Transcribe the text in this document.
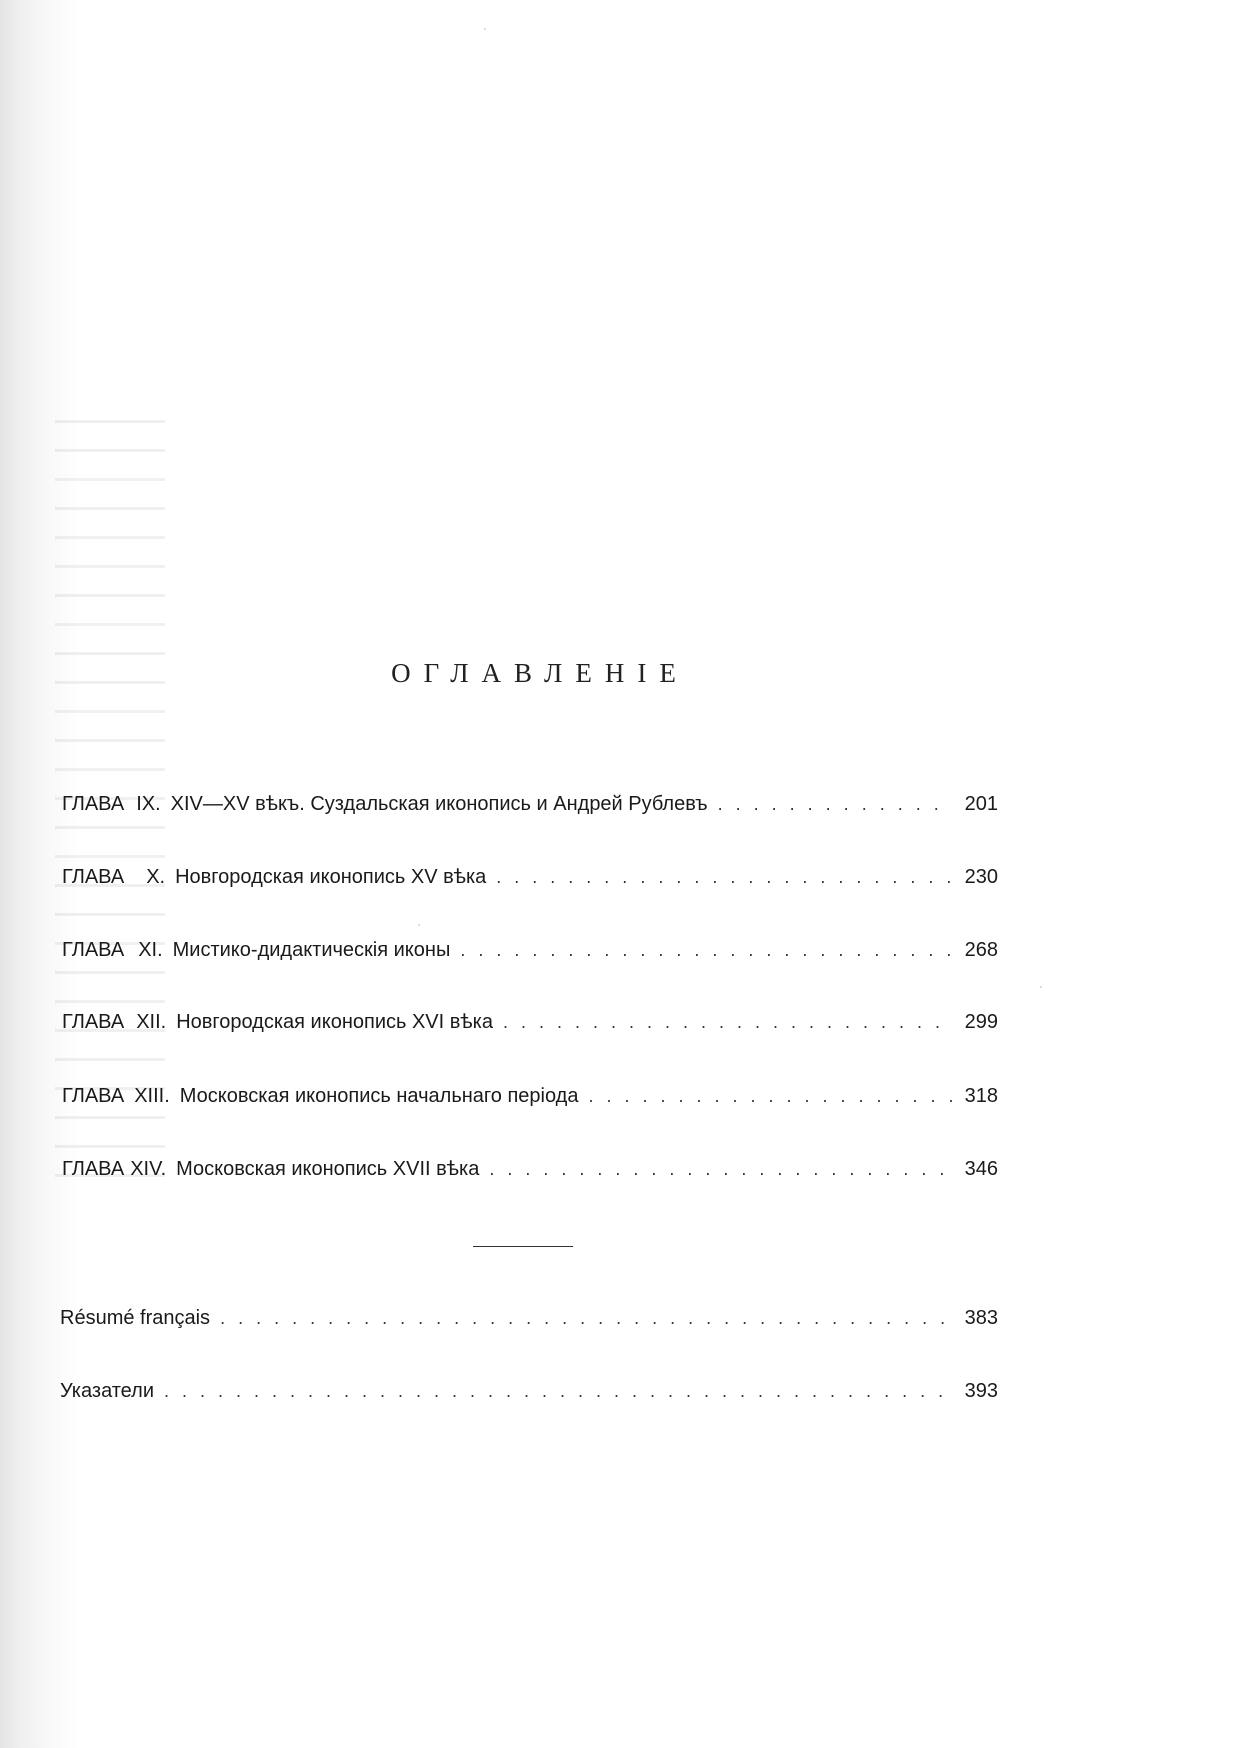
ОГЛАВЛЕНІЕ
ГЛАВА IX. XIV—XV вѣкъ. Суздальская иконопись и Андрей Рублевъ . . .	201
ГЛАВА X. Новгородская иконопись XV вѣка . . .	230
ГЛАВА XI. Мистико-дидактическія иконы . . .	268
ГЛАВА XII. Новгородская иконопись XVI вѣка . . .	299
ГЛАВА XIII. Московская иконопись начальнаго періода . . .	318
ГЛАВА XIV. Московская иконопись XVII вѣка . . .	346
Résumé français . . .	383
Указатели . . .	393
